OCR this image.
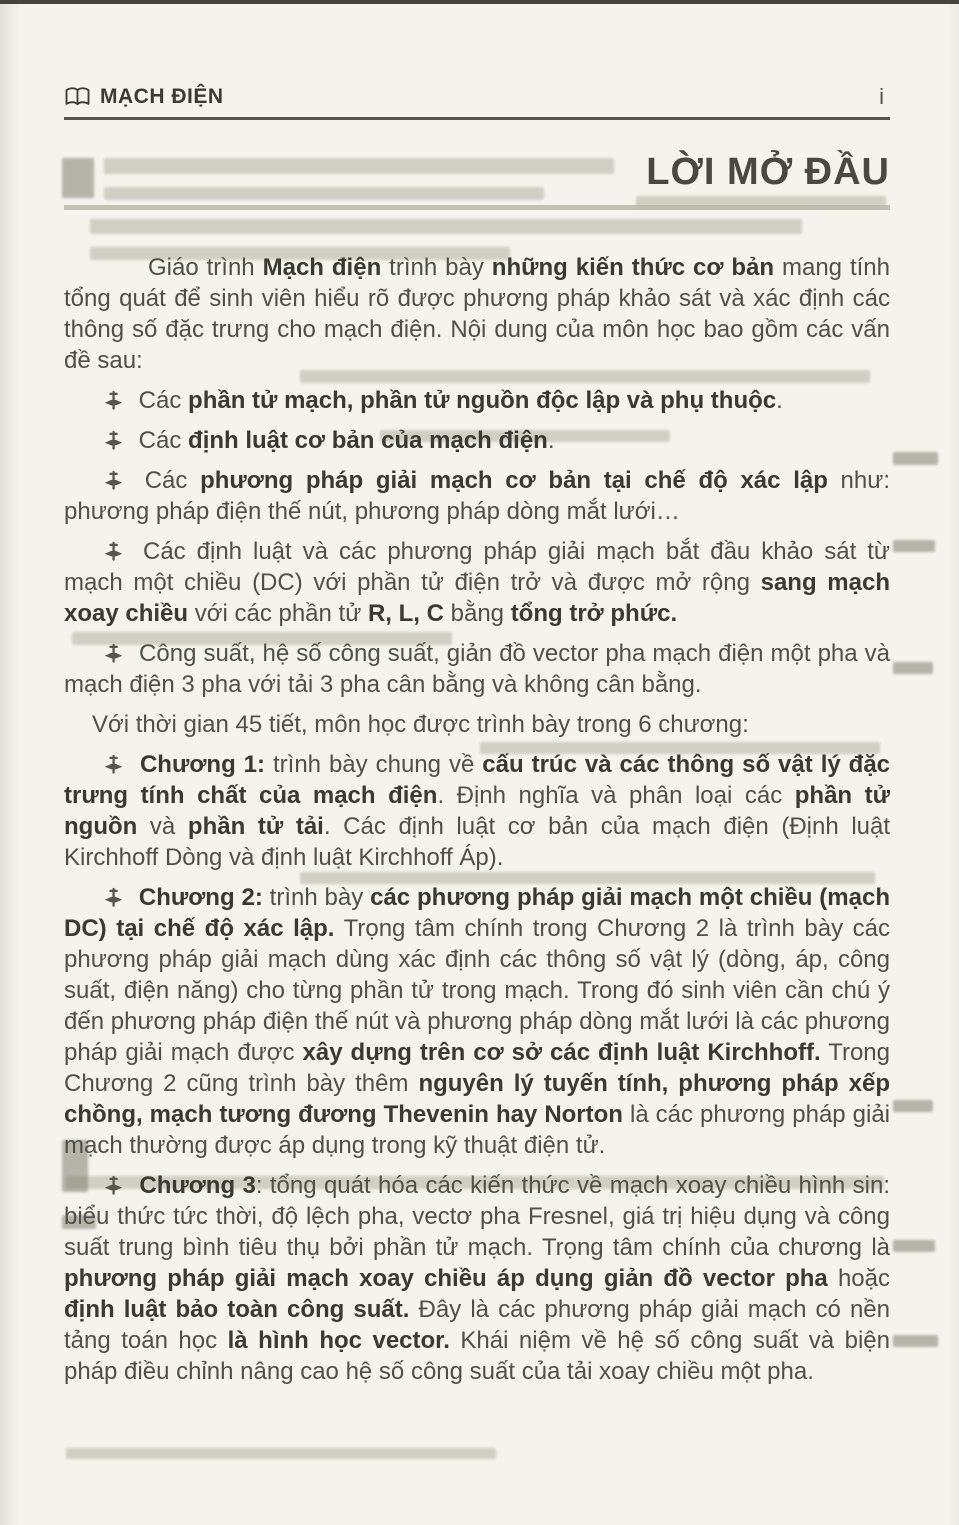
MẠCH ĐIỆN	i
LỜI MỞ ĐẦU

Giáo trình Mạch điện trình bày những kiến thức cơ bản mang tính tổng quát để sinh viên hiểu rõ được phương pháp khảo sát và xác định các thông số đặc trưng cho mạch điện. Nội dung của môn học bao gồm các vấn đề sau:

Các phần tử mạch, phần tử nguồn độc lập và phụ thuộc.

Các định luật cơ bản của mạch điện.

Các phương pháp giải mạch cơ bản tại chế độ xác lập như: phương pháp điện thế nút, phương pháp dòng mắt lưới…

Các định luật và các phương pháp giải mạch bắt đầu khảo sát từ mạch một chiều (DC) với phần tử điện trở và được mở rộng sang mạch xoay chiều với các phần tử R, L, C bằng tổng trở phức.

Công suất, hệ số công suất, giản đồ vector pha mạch điện một pha và mạch điện 3 pha với tải 3 pha cân bằng và không cân bằng.

Với thời gian 45 tiết, môn học được trình bày trong 6 chương:

Chương 1: trình bày chung về cấu trúc và các thông số vật lý đặc trưng tính chất của mạch điện. Định nghĩa và phân loại các phần tử nguồn và phần tử tải. Các định luật cơ bản của mạch điện (Định luật Kirchhoff Dòng và định luật Kirchhoff Áp).

Chương 2: trình bày các phương pháp giải mạch một chiều (mạch DC) tại chế độ xác lập. Trọng tâm chính trong Chương 2 là trình bày các phương pháp giải mạch dùng xác định các thông số vật lý (dòng, áp, công suất, điện năng) cho từng phần tử trong mạch. Trong đó sinh viên cần chú ý đến phương pháp điện thế nút và phương pháp dòng mắt lưới là các phương pháp giải mạch được xây dựng trên cơ sở các định luật Kirchhoff. Trong Chương 2 cũng trình bày thêm nguyên lý tuyến tính, phương pháp xếp chồng, mạch tương đương Thevenin hay Norton là các phương pháp giải mạch thường được áp dụng trong kỹ thuật điện tử.

Chương 3: tổng quát hóa các kiến thức về mạch xoay chiều hình sin: biểu thức tức thời, độ lệch pha, vectơ pha Fresnel, giá trị hiệu dụng và công suất trung bình tiêu thụ bởi phần tử mạch. Trọng tâm chính của chương là phương pháp giải mạch xoay chiều áp dụng giản đồ vector pha hoặc định luật bảo toàn công suất. Đây là các phương pháp giải mạch có nền tảng toán học là hình học vector. Khái niệm về hệ số công suất và biện pháp điều chỉnh nâng cao hệ số công suất của tải xoay chiều một pha.
